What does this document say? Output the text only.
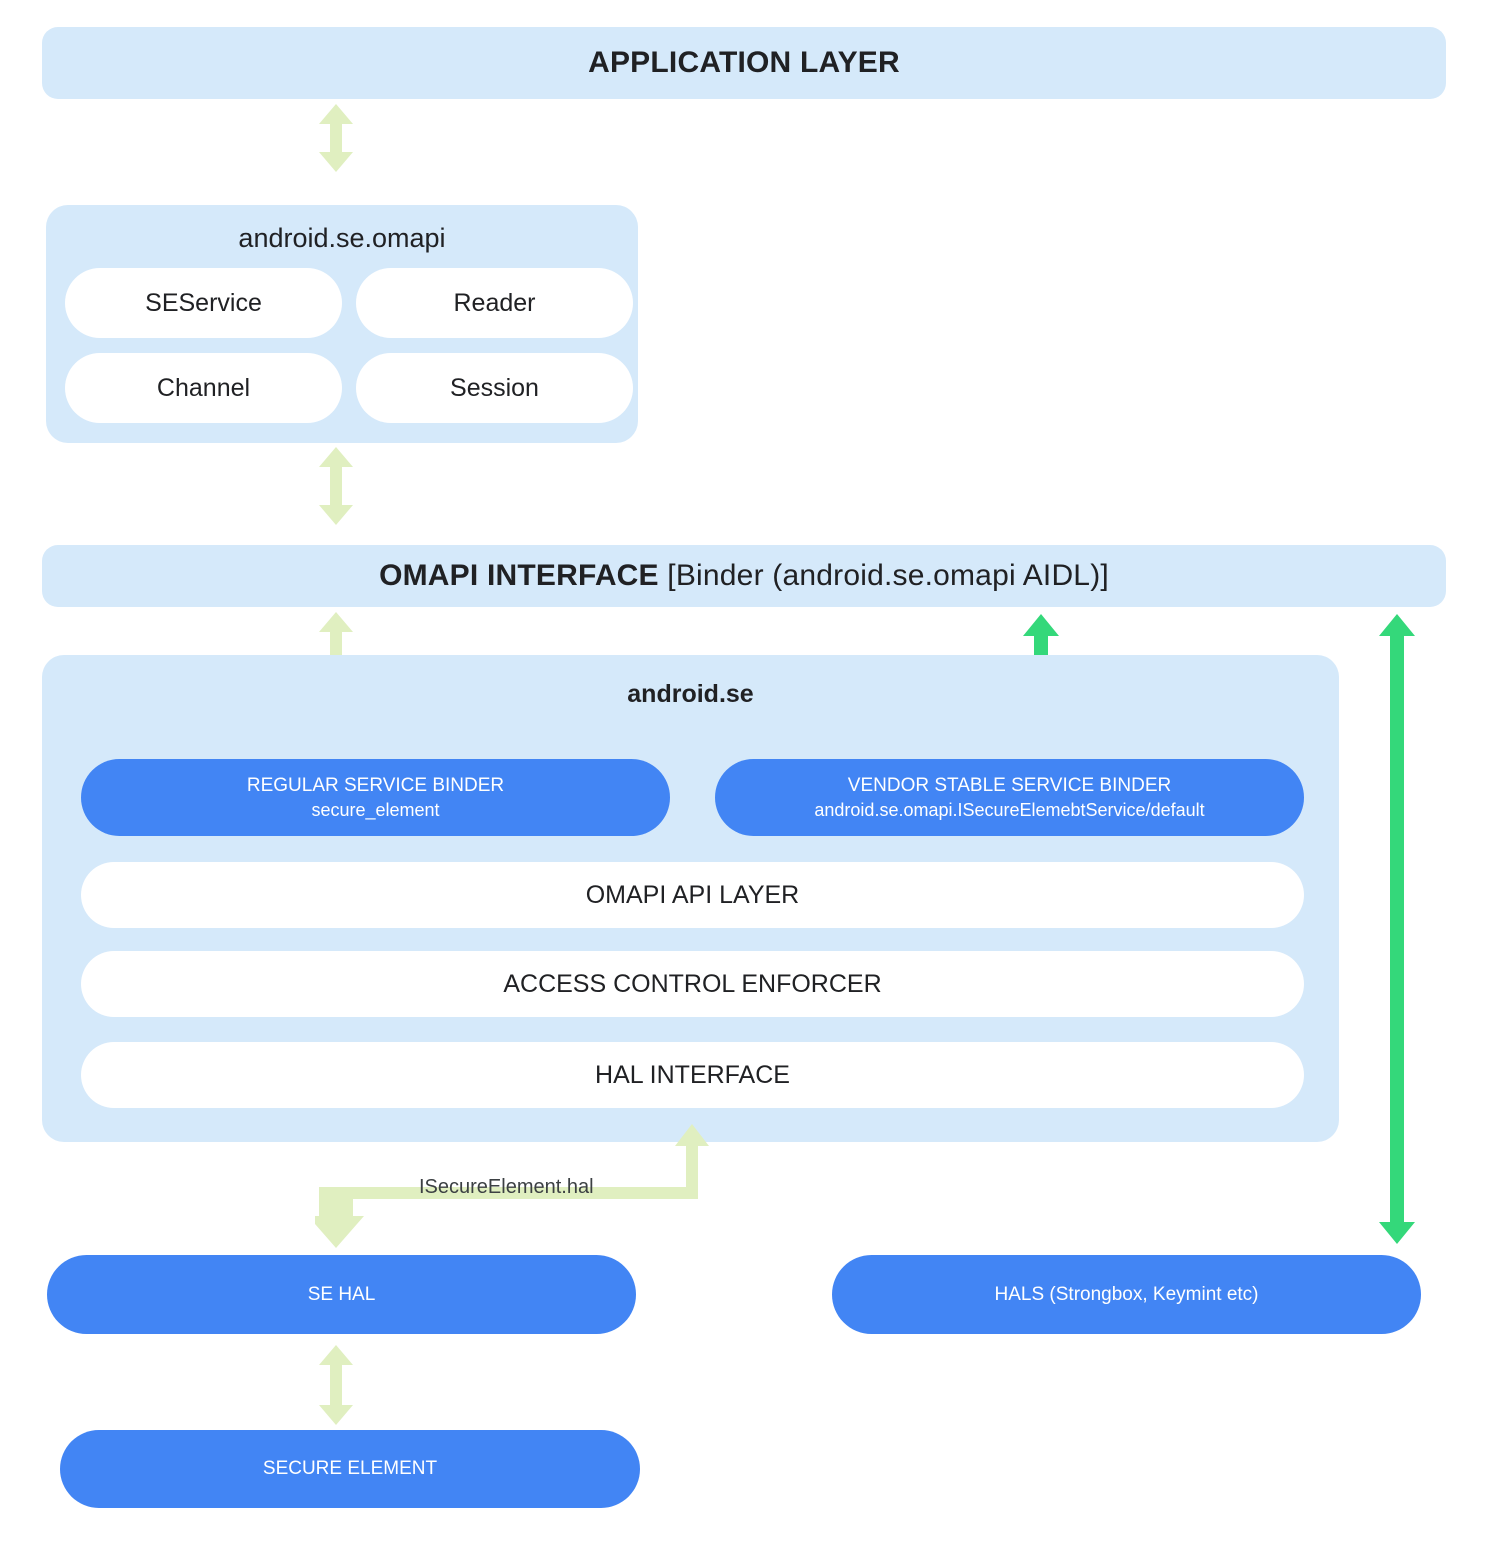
APPLICATION LAYER
android.se.omapi
SEService	Reader
Channel	Session
OMAPI INTERFACE [Binder (android.se.omapi AIDL)]
android.se
REGULAR SERVICE BINDER
secure_element
VENDOR STABLE SERVICE BINDER
android.se.omapi.ISecureElemebtService/default
OMAPI API LAYER
ACCESS CONTROL ENFORCER
HAL INTERFACE
ISecureElement.hal
SE HAL	HALS (Strongbox, Keymint etc)
SECURE ELEMENT
